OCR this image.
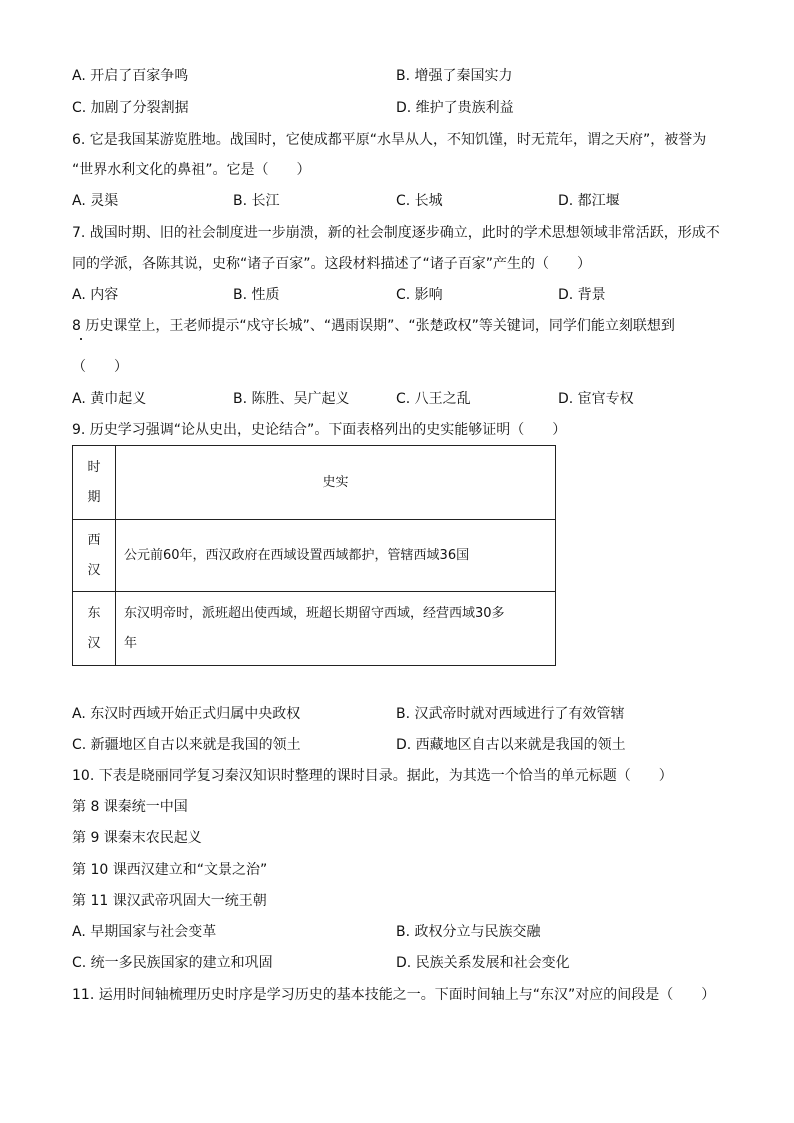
A. 开启了百家争鸣	B. 增强了秦国实力
C. 加剧了分裂割据	D. 维护了贵族利益
6. 它是我国某游览胜地。战国时，它使成都平原“水旱从人，不知饥馑，时无荒年，谓之天府”，被誉为
“世界水利文化的鼻祖”。它是（　　）
A. 灵渠	B. 长江	C. 长城	D. 都江堰
7. 战国时期、旧的社会制度进一步崩溃，新的社会制度逐步确立，此时的学术思想领域非常活跃，形成不
同的学派，各陈其说，史称“诸子百家”。这段材料描述了“诸子百家”产生的（　　）
A. 内容	B. 性质	C. 影响	D. 背景
8 历史课堂上，王老师提示“戍守长城”、“遇雨误期”、“张楚政权”等关键词，同学们能立刻联想到
（　　）
A. 黄巾起义	B. 陈胜、吴广起义	C. 八王之乱	D. 宦官专权
9. 历史学习强调“论从史出，史论结合”。下面表格列出的史实能够证明（　　）
时
期	史实

西
汉	公元前60年，西汉政府在西域设置西域都护，管辖西域36国

东
汉	东汉明帝时，派班超出使西域，班超长期留守西域，经营西域30多
年
A. 东汉时西域开始正式归属中央政权	B. 汉武帝时就对西域进行了有效管辖
C. 新疆地区自古以来就是我国的领土	D. 西藏地区自古以来就是我国的领土
10. 下表是晓丽同学复习秦汉知识时整理的课时目录。据此，为其选一个恰当的单元标题（　　）
第 8 课秦统一中国
第 9 课秦末农民起义
第 10 课西汉建立和“文景之治”
第 11 课汉武帝巩固大一统王朝
A. 早期国家与社会变革	B. 政权分立与民族交融
C. 统一多民族国家的建立和巩固	D. 民族关系发展和社会变化
11. 运用时间轴梳理历史时序是学习历史的基本技能之一。下面时间轴上与“东汉”对应的间段是（　　）
